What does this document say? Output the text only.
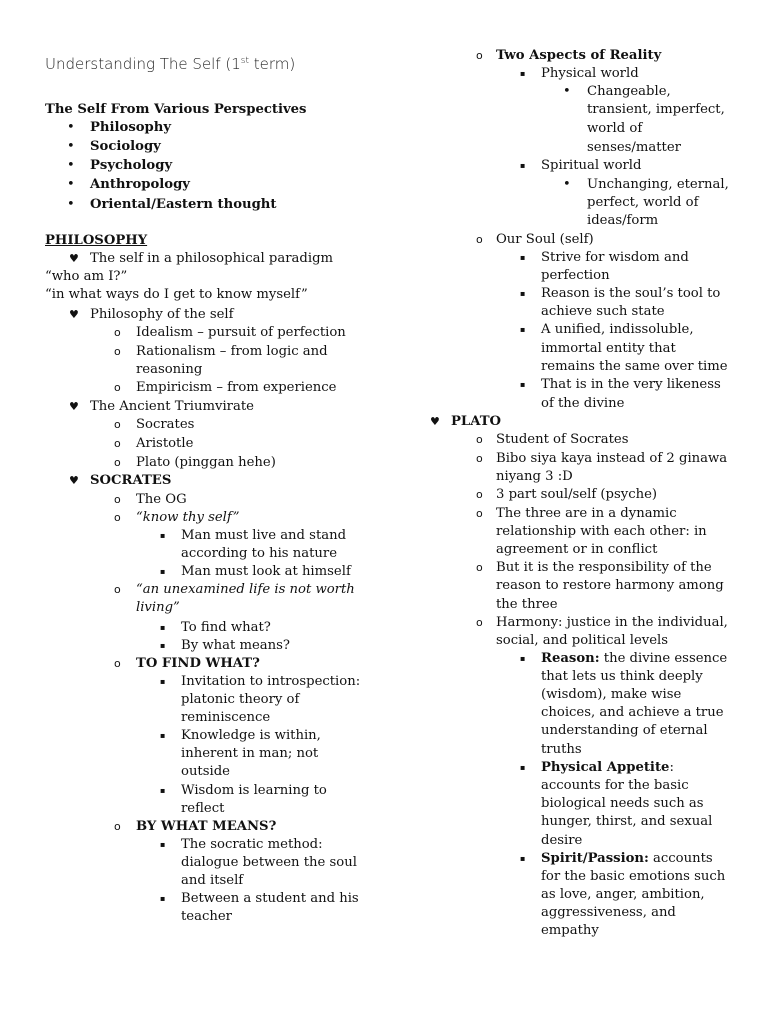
Understanding The Self (1st term)
The Self From Various Perspectives
• Philosophy
• Sociology
• Psychology
• Anthropology
• Oriental/Eastern thought
PHILOSOPHY
♥ The self in a philosophical paradigm
“who am I?”
“in what ways do I get to know myself”
♥ Philosophy of the self
o Idealism – pursuit of perfection
o Rationalism – from logic and
reasoning
o Empiricism – from experience
♥ The Ancient Triumvirate
o Socrates
o Aristotle
o Plato (pinggan hehe)
♥ SOCRATES
o The OG
o “know thy self”
▪ Man must live and stand
according to his nature
▪ Man must look at himself
o “an unexamined life is not worth
living”
▪ To find what?
▪ By what means?
o TO FIND WHAT?
▪ Invitation to introspection:
platonic theory of
reminiscence
▪ Knowledge is within,
inherent in man; not
outside
▪ Wisdom is learning to
reflect
o BY WHAT MEANS?
▪ The socratic method:
dialogue between the soul
and itself
▪ Between a student and his
teacher
o Two Aspects of Reality
▪ Physical world
• Changeable,
transient, imperfect,
world of
senses/matter
▪ Spiritual world
• Unchanging, eternal,
perfect, world of
ideas/form
o Our Soul (self)
▪ Strive for wisdom and
perfection
▪ Reason is the soul’s tool to
achieve such state
▪ A unified, indissoluble,
immortal entity that
remains the same over time
▪ That is in the very likeness
of the divine
♥ PLATO
o Student of Socrates
o Bibo siya kaya instead of 2 ginawa
niyang 3 :D
o 3 part soul/self (psyche)
o The three are in a dynamic
relationship with each other: in
agreement or in conflict
o But it is the responsibility of the
reason to restore harmony among
the three
o Harmony: justice in the individual,
social, and political levels
▪ Reason: the divine essence
that lets us think deeply
(wisdom), make wise
choices, and achieve a true
understanding of eternal
truths
▪ Physical Appetite:
accounts for the basic
biological needs such as
hunger, thirst, and sexual
desire
▪ Spirit/Passion: accounts
for the basic emotions such
as love, anger, ambition,
aggressiveness, and
empathy
